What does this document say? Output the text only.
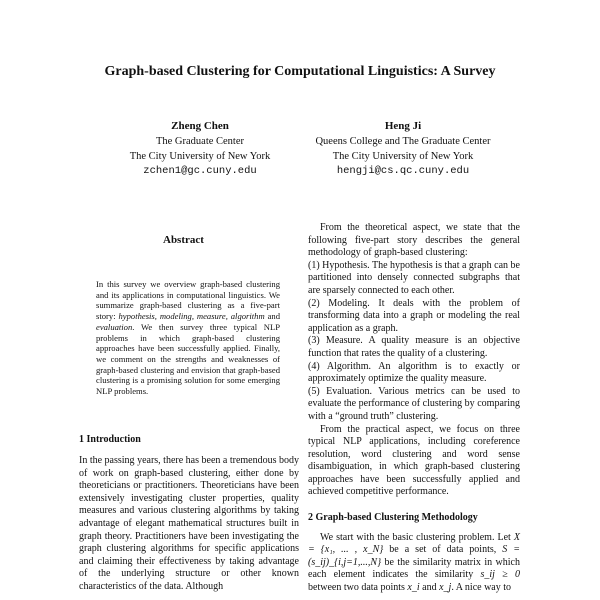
Graph-based Clustering for Computational Linguistics: A Survey
Zheng Chen
The Graduate Center
The City University of New York
zchen1@gc.cuny.edu
Heng Ji
Queens College and The Graduate Center
The City University of New York
hengji@cs.qc.cuny.edu
Abstract
In this survey we overview graph-based clustering and its applications in computational linguistics. We summarize graph-based clustering as a five-part story: hypothesis, modeling, measure, algorithm and evaluation. We then survey three typical NLP problems in which graph-based clustering approaches have been successfully applied. Finally, we comment on the strengths and weaknesses of graph-based clustering and envision that graph-based clustering is a promising solution for some emerging NLP problems.
1 Introduction

In the passing years, there has been a tremendous body of work on graph-based clustering, either done by theoreticians or practitioners. Theoreticians have been extensively investigating cluster properties, quality measures and various clustering algorithms by taking advantage of elegant mathematical structures built in graph theory. Practitioners have been investigating the graph clustering algorithms for specific applications and claiming their effectiveness by taking advantage of the underlying structure or other known characteristics of the data. Although

From the theoretical aspect, we state that the following five-part story describes the general methodology of graph-based clustering:

(1) Hypothesis. The hypothesis is that a graph can be partitioned into densely connected subgraphs that are sparsely connected to each other.

(2) Modeling. It deals with the problem of transforming data into a graph or modeling the real application as a graph.

(3) Measure. A quality measure is an objective function that rates the quality of a clustering.

(4) Algorithm. An algorithm is to exactly or approximately optimize the quality measure.

(5) Evaluation. Various metrics can be used to evaluate the performance of clustering by comparing with a “ground truth” clustering.

From the practical aspect, we focus on three typical NLP applications, including coreference resolution, word clustering and word sense disambiguation, in which graph-based clustering approaches have been successfully applied and achieved competitive performance.

2 Graph-based Clustering Methodology

We start with the basic clustering problem. Let X = {x₁, ... , x_N} be a set of data points, S = (s_ij)_{i,j=1,...,N} be the similarity matrix in which each element indicates the similarity s_ij ≥ 0 between two data points x_i and x_j. A nice way to
